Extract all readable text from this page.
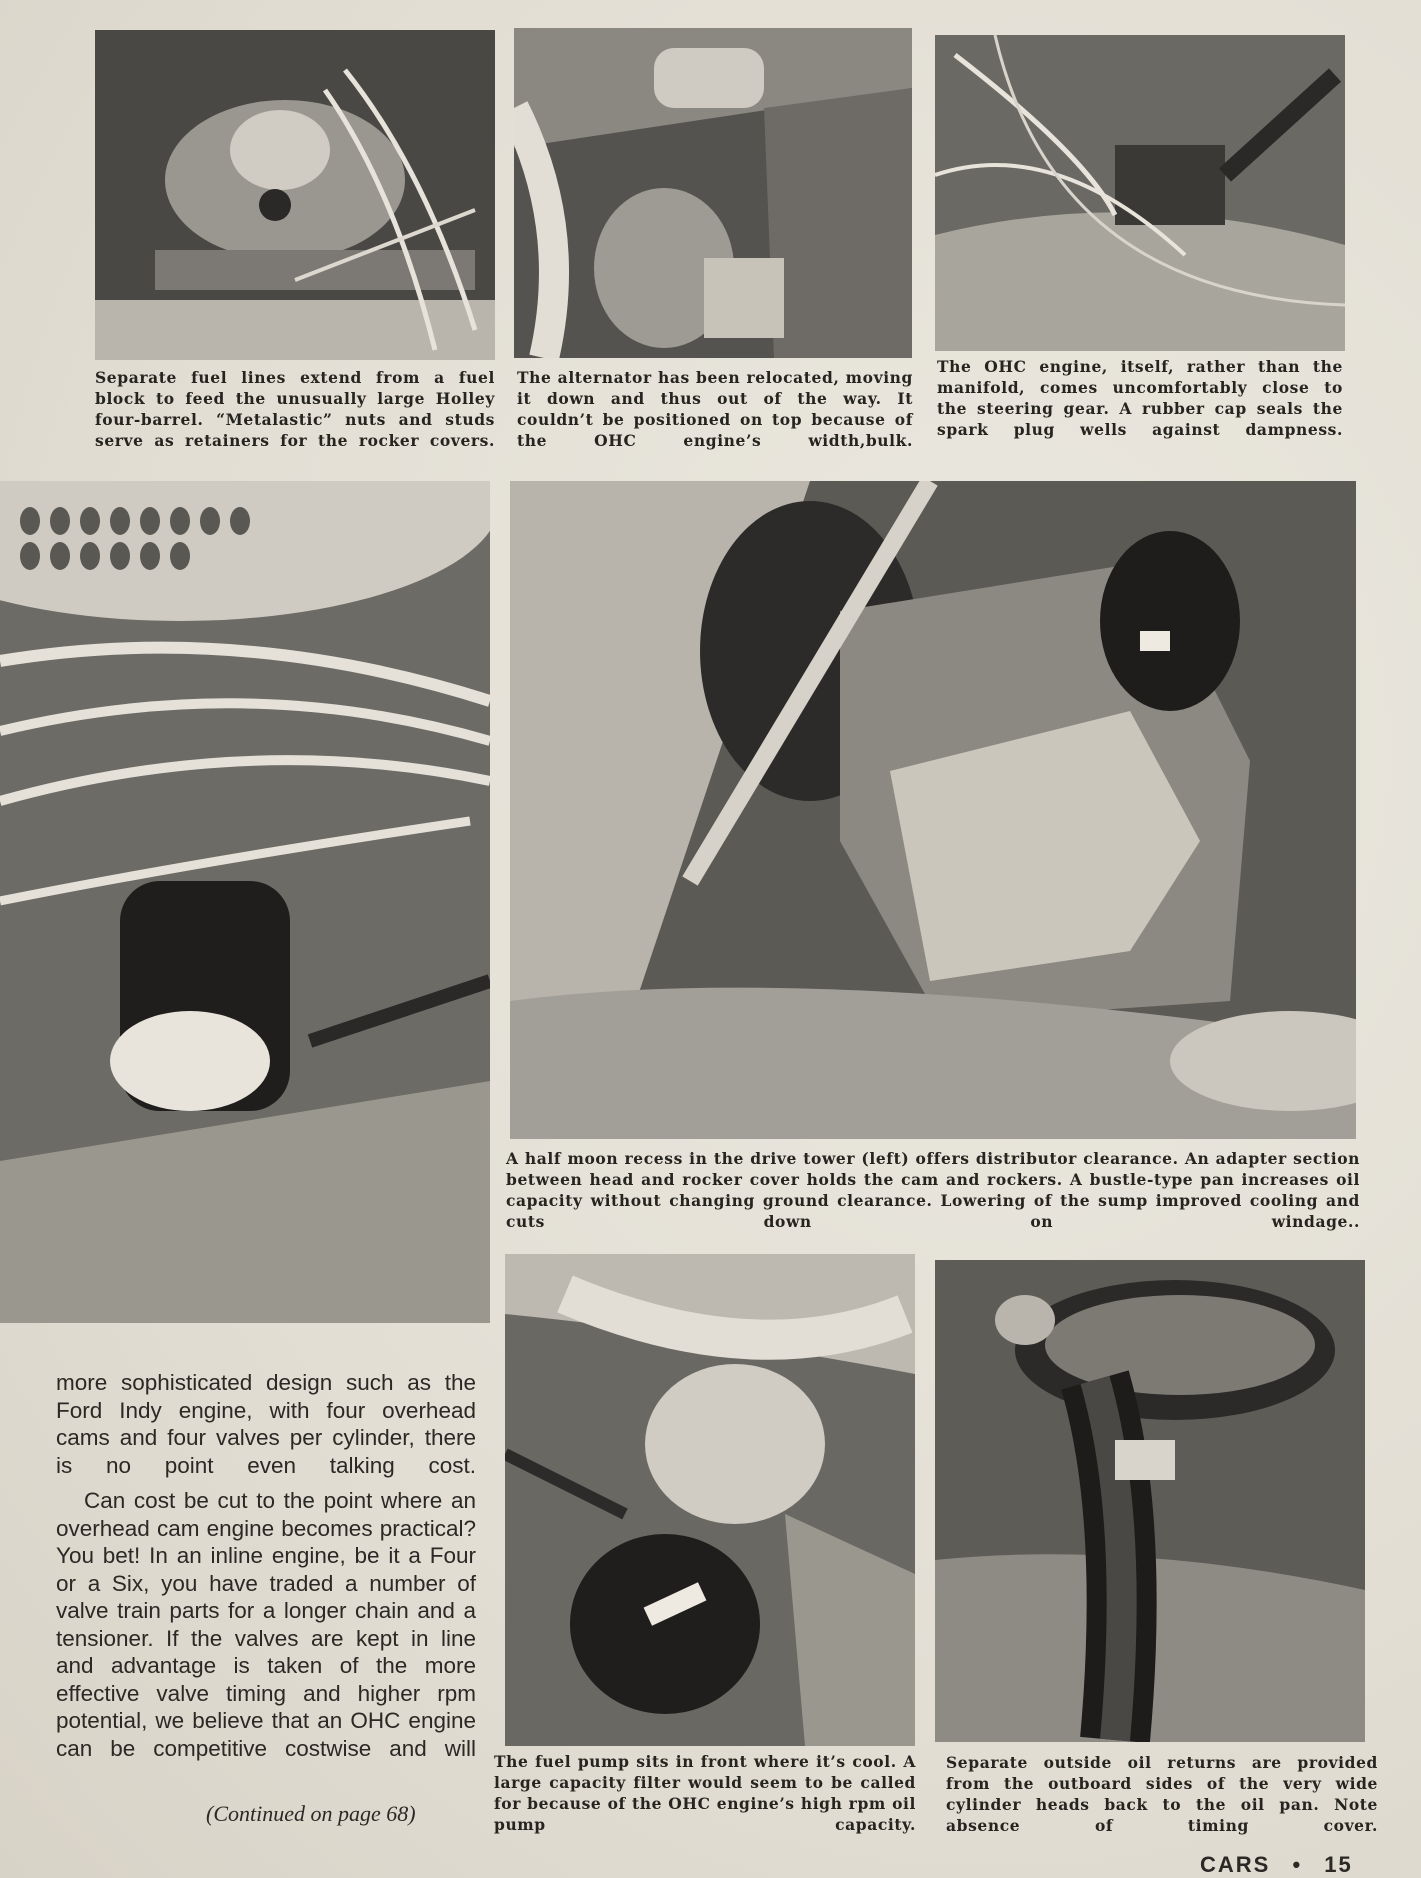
Separate fuel lines extend from a fuel block to feed the unusually large Holley four-barrel. “Metalastic” nuts and studs serve as retainers for the rocker covers.
The alternator has been relocated, moving it down and thus out of the way. It couldn’t be positioned on top because of the OHC engine’s width,bulk.
The OHC engine, itself, rather than the manifold, comes uncomfortably close to the steering gear. A rubber cap seals the spark plug wells against dampness.
A half moon recess in the drive tower (left) offers distributor clearance. An adapter section between head and rocker cover holds the cam and rockers. A bustle-type pan increases oil capacity without changing ground clearance. Lowering of the sump improved cooling and cuts down on windage..
The fuel pump sits in front where it’s cool. A large capacity filter would seem to be called for because of the OHC engine’s high rpm oil pump capacity.
Separate outside oil returns are provided from the outboard sides of the very wide cylinder heads back to the oil pan. Note absence of timing cover.

more sophisticated design such as the Ford Indy engine, with four overhead cams and four valves per cylinder, there is no point even talking cost.

Can cost be cut to the point where an overhead cam engine becomes practical? You bet! In an inline engine, be it a Four or a Six, you have traded a number of valve train parts for a longer chain and a tensioner. If the valves are kept in line and advantage is taken of the more effective valve timing and higher rpm potential, we believe that an OHC engine can be competitive costwise and will

(Continued on page 68)
CARS • 15
